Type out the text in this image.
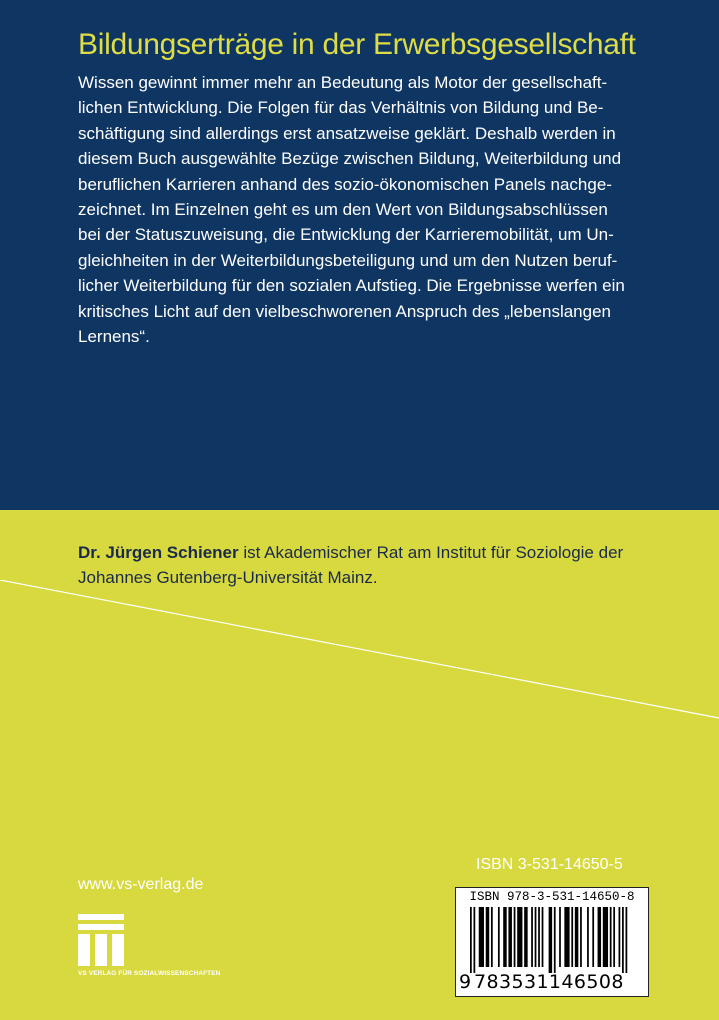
Bildungserträge in der Erwerbsgesellschaft
Wissen gewinnt immer mehr an Bedeutung als Motor der gesellschaft-
lichen Entwicklung. Die Folgen für das Verhältnis von Bildung und Be-
schäftigung sind allerdings erst ansatzweise geklärt. Deshalb werden in
diesem Buch ausgewählte Bezüge zwischen Bildung, Weiterbildung und
beruflichen Karrieren anhand des sozio-ökonomischen Panels nachge-
zeichnet. Im Einzelnen geht es um den Wert von Bildungsabschlüssen
bei der Statuszuweisung, die Entwicklung der Karrieremobilität, um Un-
gleichheiten in der Weiterbildungsbeteiligung und um den Nutzen beruf-
licher Weiterbildung für den sozialen Aufstieg. Die Ergebnisse werfen ein
kritisches Licht auf den vielbeschworenen Anspruch des „lebenslangen
Lernens“.
Dr. Jürgen Schiener ist Akademischer Rat am Institut für Soziologie der
Johannes Gutenberg-Universität Mainz.
www.vs-verlag.de
VS VERLAG FÜR SOZIALWISSENSCHAFTEN
ISBN 3-531-14650-5
ISBN 978-3-531-14650-8
9 783531146508
